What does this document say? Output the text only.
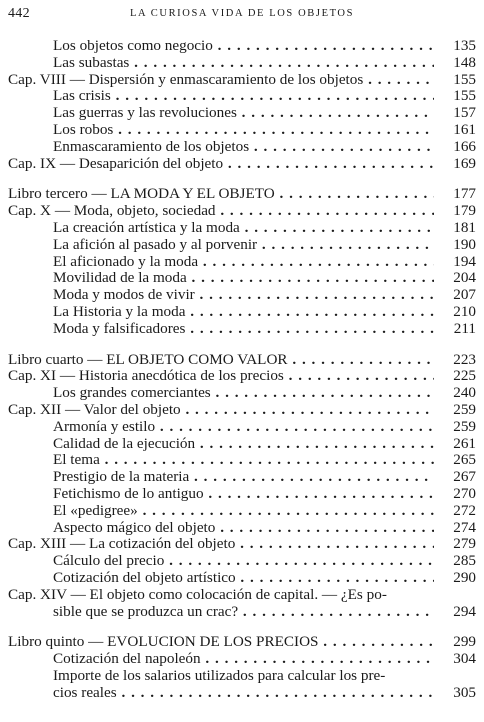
442	LA CURIOSA VIDA DE LOS OBJETOS
Los objetos como negocio . . .	135
Las subastas . . .	148
Cap. VIII — Dispersión y enmascaramiento de los objetos . . .	155
Las crisis . . .	155
Las guerras y las revoluciones . . .	157
Los robos . . .	161
Enmascaramiento de los objetos . . .	166
Cap. IX — Desaparición del objeto . . .	169
Libro tercero — LA MODA Y EL OBJETO . . .	177
Cap. X — Moda, objeto, sociedad . . .	179
La creación artística y la moda . . .	181
La afición al pasado y al porvenir . . .	190
El aficionado y la moda . . .	194
Movilidad de la moda . . .	204
Moda y modos de vivir . . .	207
La Historia y la moda . . .	210
Moda y falsificadores . . .	211
Libro cuarto — EL OBJETO COMO VALOR . . .	223
Cap. XI — Historia anecdótica de los precios . . .	225
Los grandes comerciantes . . .	240
Cap. XII — Valor del objeto . . .	259
Armonía y estilo . . .	259
Calidad de la ejecución . . .	261
El tema . . .	265
Prestigio de la materia . . .	267
Fetichismo de lo antiguo . . .	270
El «pedigree» . . .	272
Aspecto mágico del objeto . . .	274
Cap. XIII — La cotización del objeto . . .	279
Cálculo del precio . . .	285
Cotización del objeto artístico . . .	290
Cap. XIV — El objeto como colocación de capital. — ¿Es po-
sible que se produzca un crac? . . .	294
Libro quinto — EVOLUCION DE LOS PRECIOS . . .	299
Cotización del napoleón . . .	304
Importe de los salarios utilizados para calcular los pre-
cios reales . . .	305
